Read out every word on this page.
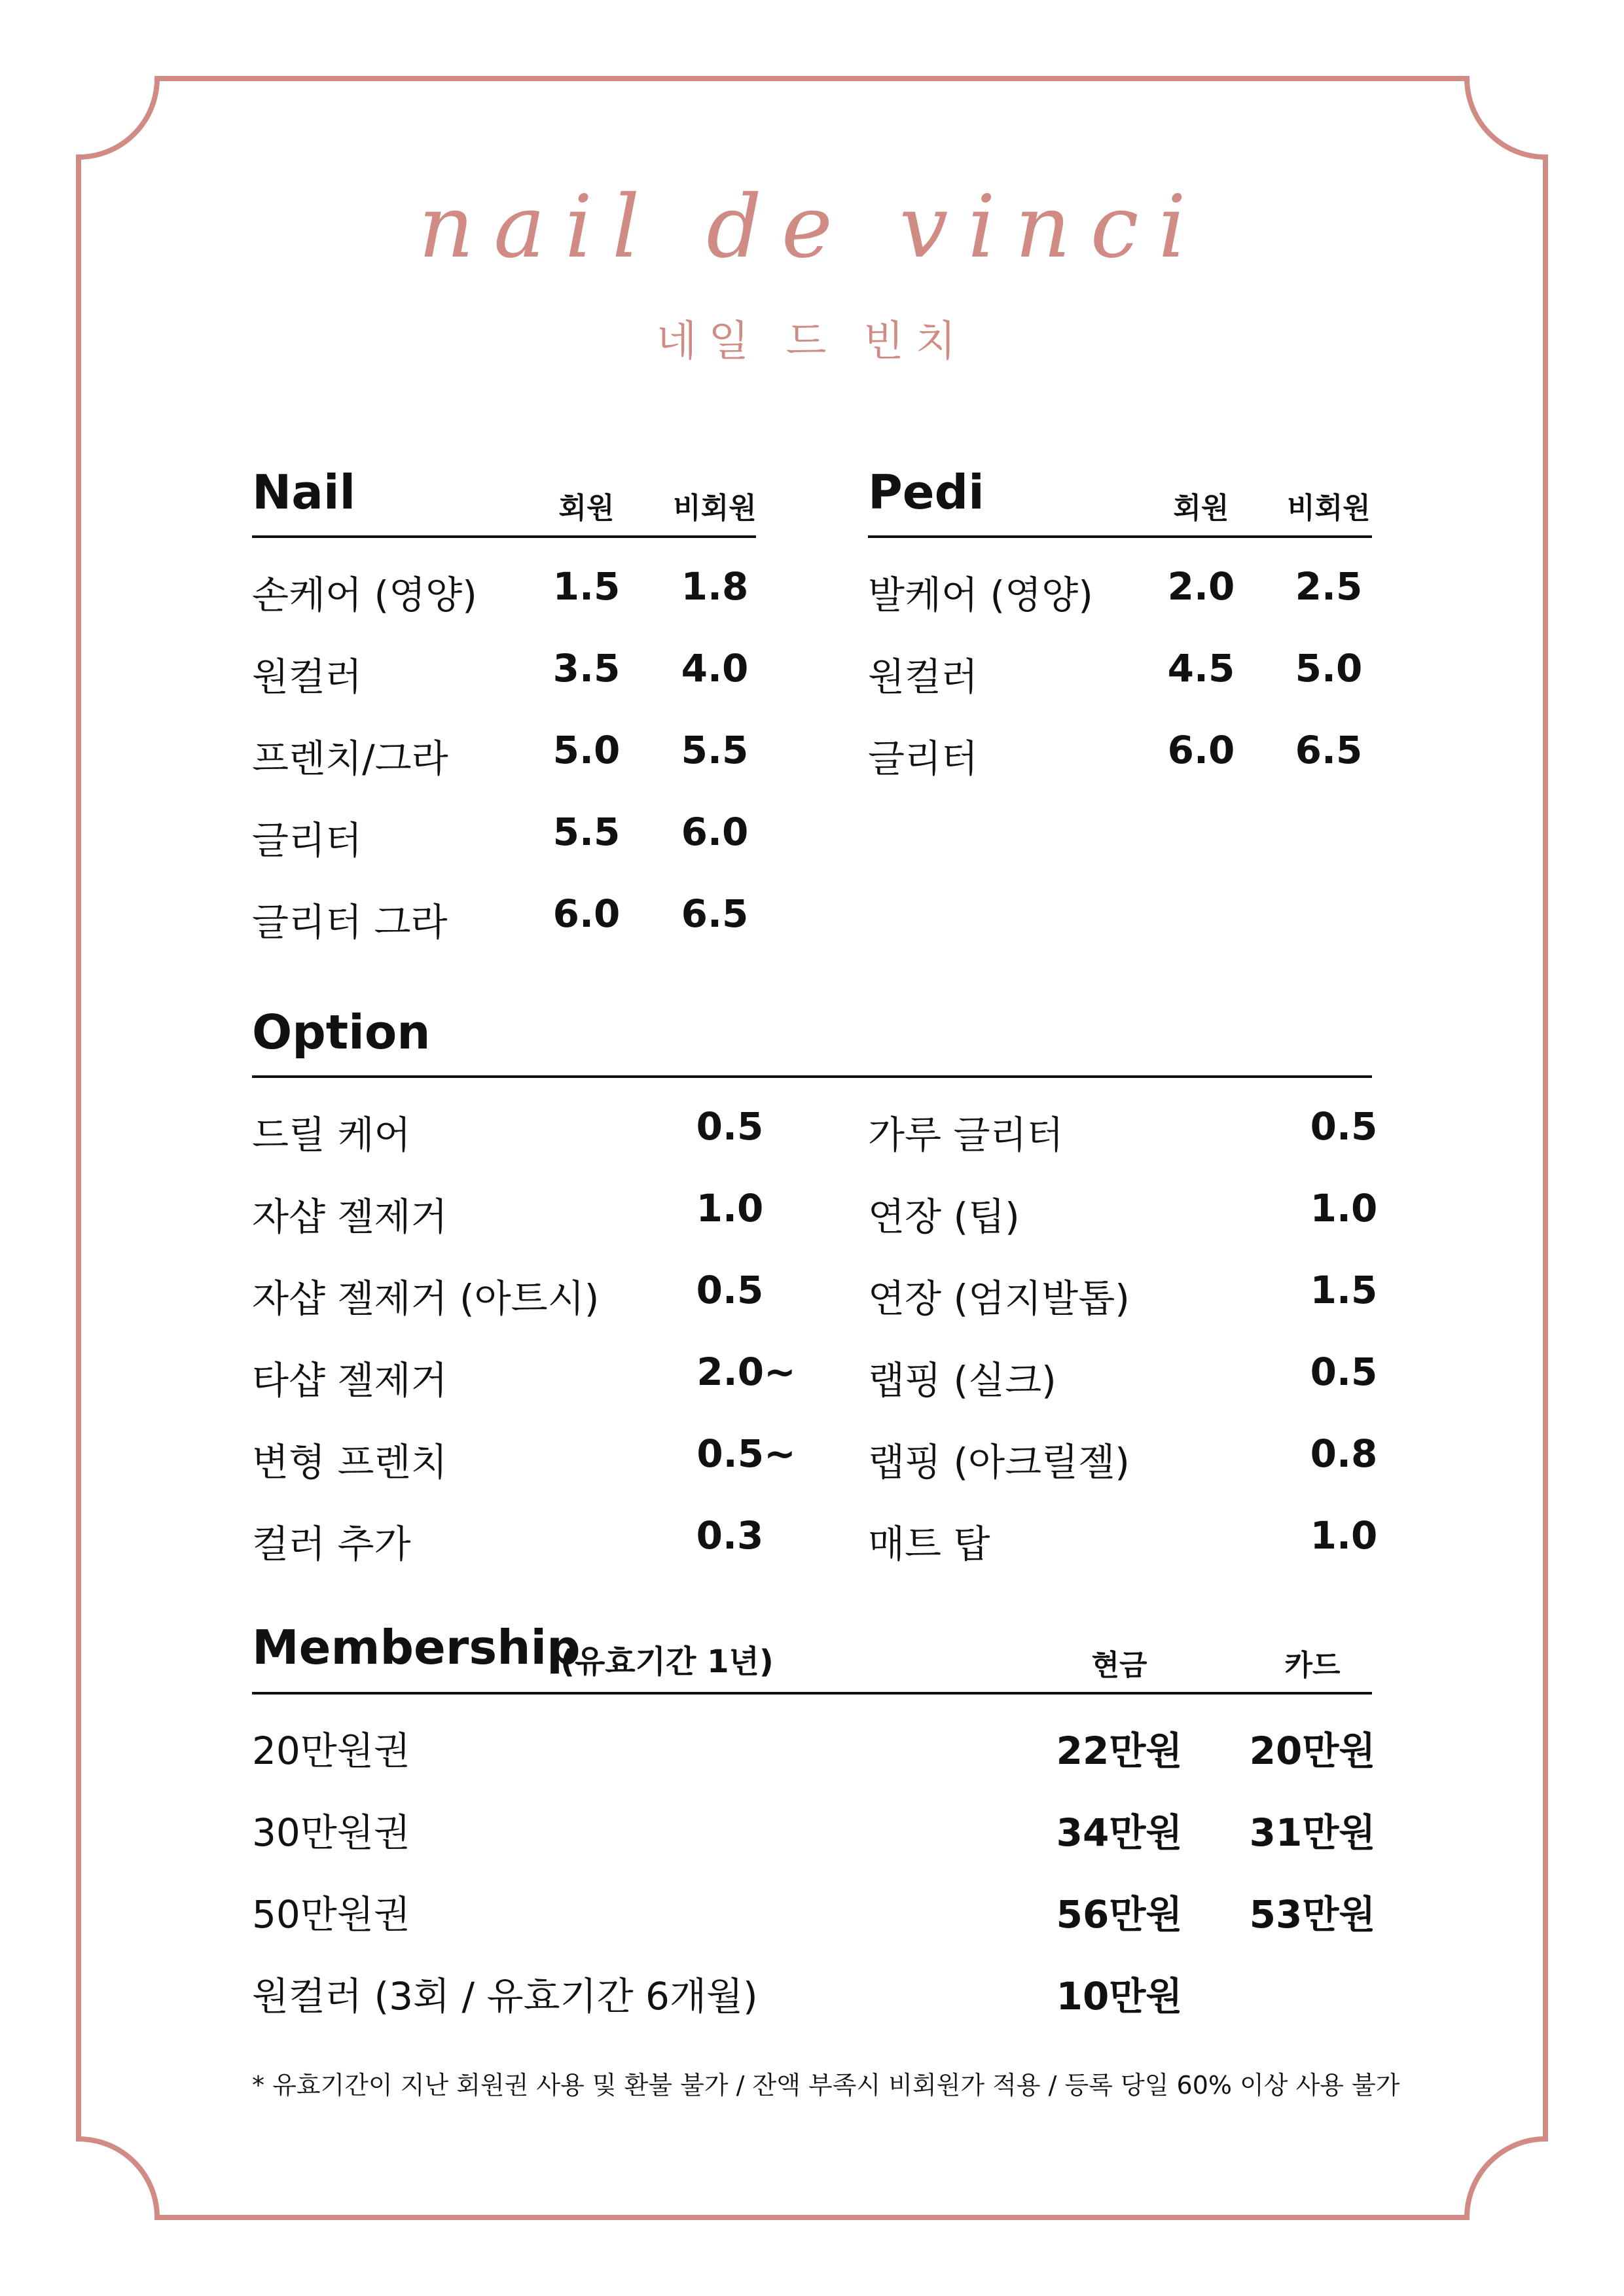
nail de vinci
네일 드 빈치
Nail	회원	비회원
손케어 (영양)	1.5	1.8
원컬러	3.5	4.0
프렌치/그라	5.0	5.5
글리터	5.5	6.0
글리터 그라	6.0	6.5
Pedi	회원	비회원
발케어 (영양)	2.0	2.5
원컬러	4.5	5.0
글리터	6.0	6.5
Option
드릴 케어	0.5	가루 글리터	0.5
자샵 젤제거	1.0	연장 (팁)	1.0
자샵 젤제거 (아트시)	0.5	연장 (엄지발톱)	1.5
타샵 젤제거	2.0~	랩핑 (실크)	0.5
변형 프렌치	0.5~	랩핑 (아크릴젤)	0.8
컬러 추가	0.3	매트 탑	1.0
Membership
(유효기간 1년)	현금	카드
20만원권	22만원 20만원
30만원권	34만원 31만원
50만원권	56만원 53만원
원컬러 (3회 / 유효기간 6개월)	10만원
* 유효기간이 지난 회원권 사용 및 환불 불가 / 잔액 부족시 비회원가 적용 / 등록 당일 60% 이상 사용 불가
